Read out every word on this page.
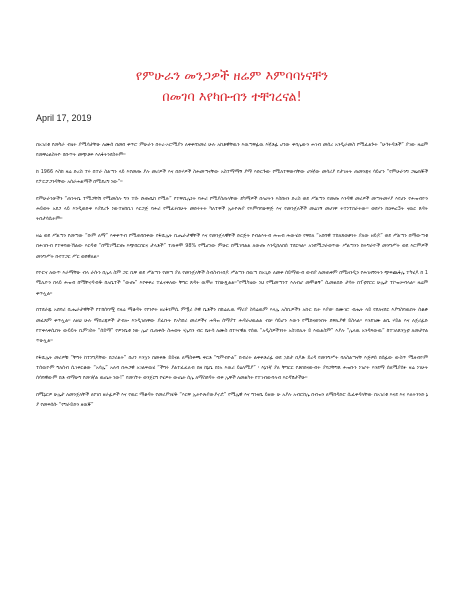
የምሁራን መንጋዎች ዘሬም እምባባነናቸን
በመገባ እየካቡብን ተቸገረናል!
April 17, 2019

በአገሪቱ የመካራ ብሄት ያሚሳታቸሁ ለሙሰ በመበ ቀጥሮ ምሁራን በትረ-ኦሮሚያን ለቀቀባነመሪ ሁሉ አከቶዊቸዉን እዉጣዋፊዉ እኛቶፊ ሆነው ቀባሌውን ሐገብ መሰረ አንዲራመስ የሚፈልጉት “ሁጎትዳቶች” ያገው ዛሬም የመዋዕልስትዮ ክቡጥት መጭቶፍ እለፋትንደስትም።

ከ 1966 እስከ ዛሬ ድረስ ተሩ በተራ ስልጣን ላይ እየመጡ ያሉ መሪዎች እና በድሃዎች ስሕመጣናቸው አስተማማኝ ያማ እድርጉው የሚለተዋውባቸው ሀንኛው መሳሪያ የታገዙት ጠመንጃና ሳይሆን “የምሁራንግ ጋዜጠኞች የፖርፓጋንዳቸው አሰራሐልማች በሚደረግ ነው”።

የምሁራንቻችን “ጠንትቤ ተሚጋቸሽ የሚመስሉ ግን ተሱ ሹጡቤከ የሚሉ” የተዋሺሌነት ባሕሪ የሚያስጠላቸው ደካማዎች በላሀትን እስከዛን ድረስ ወደ ሥልጣን የመጡ እንዳዊ መሪዎች መጣትመሃያ እየሆኑ የሕዝብዮን ሕይወት አደጋ ላይ እንዲወድቅ እያደረጉ ነውተዘከቢገ እርጋጅ ባሕሪ የሚፈሩበሁት መድሩትት ካለተዋች ኢትዮጵያ የእምባባሁዋጅ እና የመንጀለችች መሬገኝ መሀገዋ ትተነተክራትው። ወደሃን ከኃፍፎ3ት ናዉር ጸዳት ትበታሳሲትም።

ዛሬ ወደ ሥልጣን የመጣው “ቡም ለማ” እቀቀጥብ የሚጠባበቀው የፋሺሌት ቢሔራታዊቸች እና የመንጀላዊቸች ድርጅት የብልእትብ ሕዝብ ሕውሂድ የዋበለ “አበባዊ ተከለጸወቃነት ያለው ዘይዶ” ወደ ሥልጣን በማውጣቱ በሕገቡብ የተቀባውኽልው እርዳቱ “በሚገሚሮጡ እጭበርበርና ታላቶች” ተጠቅሞ 98% የሚሆነው ምሁር በሚገሻልል ለውጡ እንዲከለበሰ ተደርጓል። አንደሚጋራወጥው ሥልጣንን ከትግራዮች መንግሥት ወደ እሮምዎች መንግሥት ቡየተጋር ሥር ወደዊለል።

የዮሮና ለውጥ እራማቸሁ ብላ ራሱን በሌላ ስም ጋር ቢዋ ወደ ሥልጣን የመጣ ያለ የመንጀለቸች ስብስብ፥በዶ ሥልጣን በዉጣ በአጊድ ለመቀ ሰይማውብ ወብያ ለመጠቀም በሚዘንዲን የሕገዘኝነትን ጭፍጨፋሌ ተካሂዶ ከ 1 ሚሊዮን በላይ ሕዝብ ከሚቸኖዳብዱ ከአቤተች “ውጡ” እየቀቀረ ተፈናቅለው ቸግር ጸዳት ዉሞፀ ተከሁጿልል።“የሚካሄው ነህ የሚመጣንተ እለብሆ መሞቆኝ” ሲመልበድ ታሳት በፕቲየሮር ሁሌታ ተኮዝሡባላል። ዛሬም ቀጥሏል።

በተደራጁ አሸባሪ ቢሔራታዊቸች የተከሰባሟ የዘሬ ማቆዳት የየንቦት ዘረፋነምሲ ምዃሪ ሶዊ ቤቶችን በከሬሊዉ ማሪያ ስሳሬዉም እላሌ አስቢዎችን አኩር ቢት እያወ፡ በሙገሮ ብሔት ላይ የደለናደር እያግስባዉበት ሰቆቃ መፈጸም ቀጥሏል። ለዘህ ሁሉ ማበረጃዎች ታብሎ እንዲገጠዋው ያፈቡት የአካበሪ መሪዎችና ሐዓዝ ሰማያተ ሕዳራሀዉልል ብቻ ሳይሆን እውን የሚከናወንበት ደዋሊያዊ ይስላል። እንደገሙ ልቤ ሃይል እና ለጀሪፊድ የተቀላቀሲበት ውይይት ቢምገስት “ሰይማ” የዎንቤቱ ነው ሌሆ ቢጠቀሱ ስሐወት ሃሌባን ብር ቤትሳ ለሙስ በተዣዊል የሰዉ “አዲስዎችንነት አስገበሊት ይ እዉልስም” እያሉ “ሌላዉ አንዳጻውዉ” ከተገለጸንኳቲ ለመታየል ጥሁሏል።

የፋሺሌት መሪዎቹ “ቸግሩ ከተነግዶቸው በጋሪልት” በሆነ እንኳን በመቅጽ ይይናል ለማስቀጫ ቀርቶ “ግምብዮል” በብሪት ልቀቀቶሪፊ ወደ ኋከታ በዶጽ ይረዳ የመንግሥት ባለስልጣናቸ እጅዎሰ በሰፊው ውስጥ ሚዘብዮም ተሰዉዮም ግለሰብ ሲገቀርቆው “አሳሌ” አሉባ በሕጋዊ አገልፍዉሂ “ችግሩ ያልተፈፈለብ በዘ ከኔቤ በነአ እዉሪ ይዕለሚያ” ፡ እኔንኛ ያለ ቸግርር የቶክክናውብት ያባጋቸግጸ ሕዝቡን ነገሆት እንደማ ሰለሚያሰፉ ዛሬ ነገሁት ሰሳባዊውም በቶ ብማሁግ የመገኛል ዉጤት ነው!” የመገኘት ወንጀርግ የሂዎት ውጤት ሰሌ ለማስደዳት ብቅ ኢዋች ለመልካት የተገብውባላብ እርዳሽታችሁ።

በሚኔርዎ ሁሌታ ለመንጀለቸች ለየገበ ዘራፊዎች እና የዉር ማቆዳት የመሪያካሂዱ “እርዋ ኢትዮጵያውያኖሯ” የሚሌዊ እና ግንዛቤ ይዘው ሁ አያሉ አብሮከሌ በብዝን ለማከዳድሮ ሲፈቀዳላቸው በአገሪቱ እናደ እና እለትንንድ ኔ ያ የመፍሰሱ “የግራይድን ዘዉኞ”
